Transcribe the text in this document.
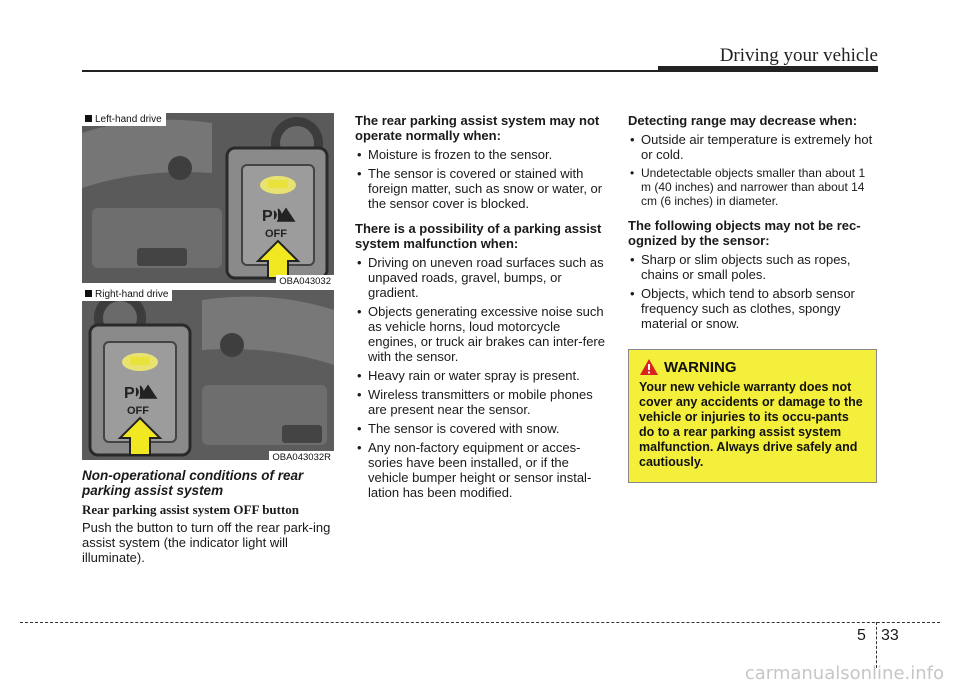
Driving your vehicle
P
OFF
Left-hand drive
OBA043032
P
OFF
Right-hand drive
OBA043032R
Non-operational conditions of rear parking assist system
Rear parking assist system OFF button

Push the button to turn off the rear park-ing assist system (the indicator light will illuminate).

The rear parking assist system may not operate normally when:

• Moisture is frozen to the sensor.
• The sensor is covered or stained with foreign matter, such as snow or water, or the sensor cover is blocked.

There is a possibility of a parking assist system malfunction when:

• Driving on uneven road surfaces such as unpaved roads, gravel, bumps, or gradient.
• Objects generating excessive noise such as vehicle horns, loud motorcycle engines, or truck air brakes can inter-fere with the sensor.
• Heavy rain or water spray is present.
• Wireless transmitters or mobile phones are present near the sensor.
• The sensor is covered with snow.
• Any non-factory equipment or acces-sories have been installed, or if the vehicle bumper height or sensor instal-lation has been modified.

Detecting range may decrease when:

• Outside air temperature is extremely hot or cold.
• Undetectable objects smaller than about 1 m (40 inches) and narrower than about 14 cm (6 inches) in diameter.

The following objects may not be rec-ognized by the sensor:

• Sharp or slim objects such as ropes, chains or small poles.
• Objects, which tend to absorb sensor frequency such as clothes, spongy material or snow.
WARNING
Your new vehicle warranty does not cover any accidents or damage to the vehicle or injuries to its occu-pants do to a rear parking assist system malfunction. Always drive safely and cautiously.
5 33
carmanualsonline.info
